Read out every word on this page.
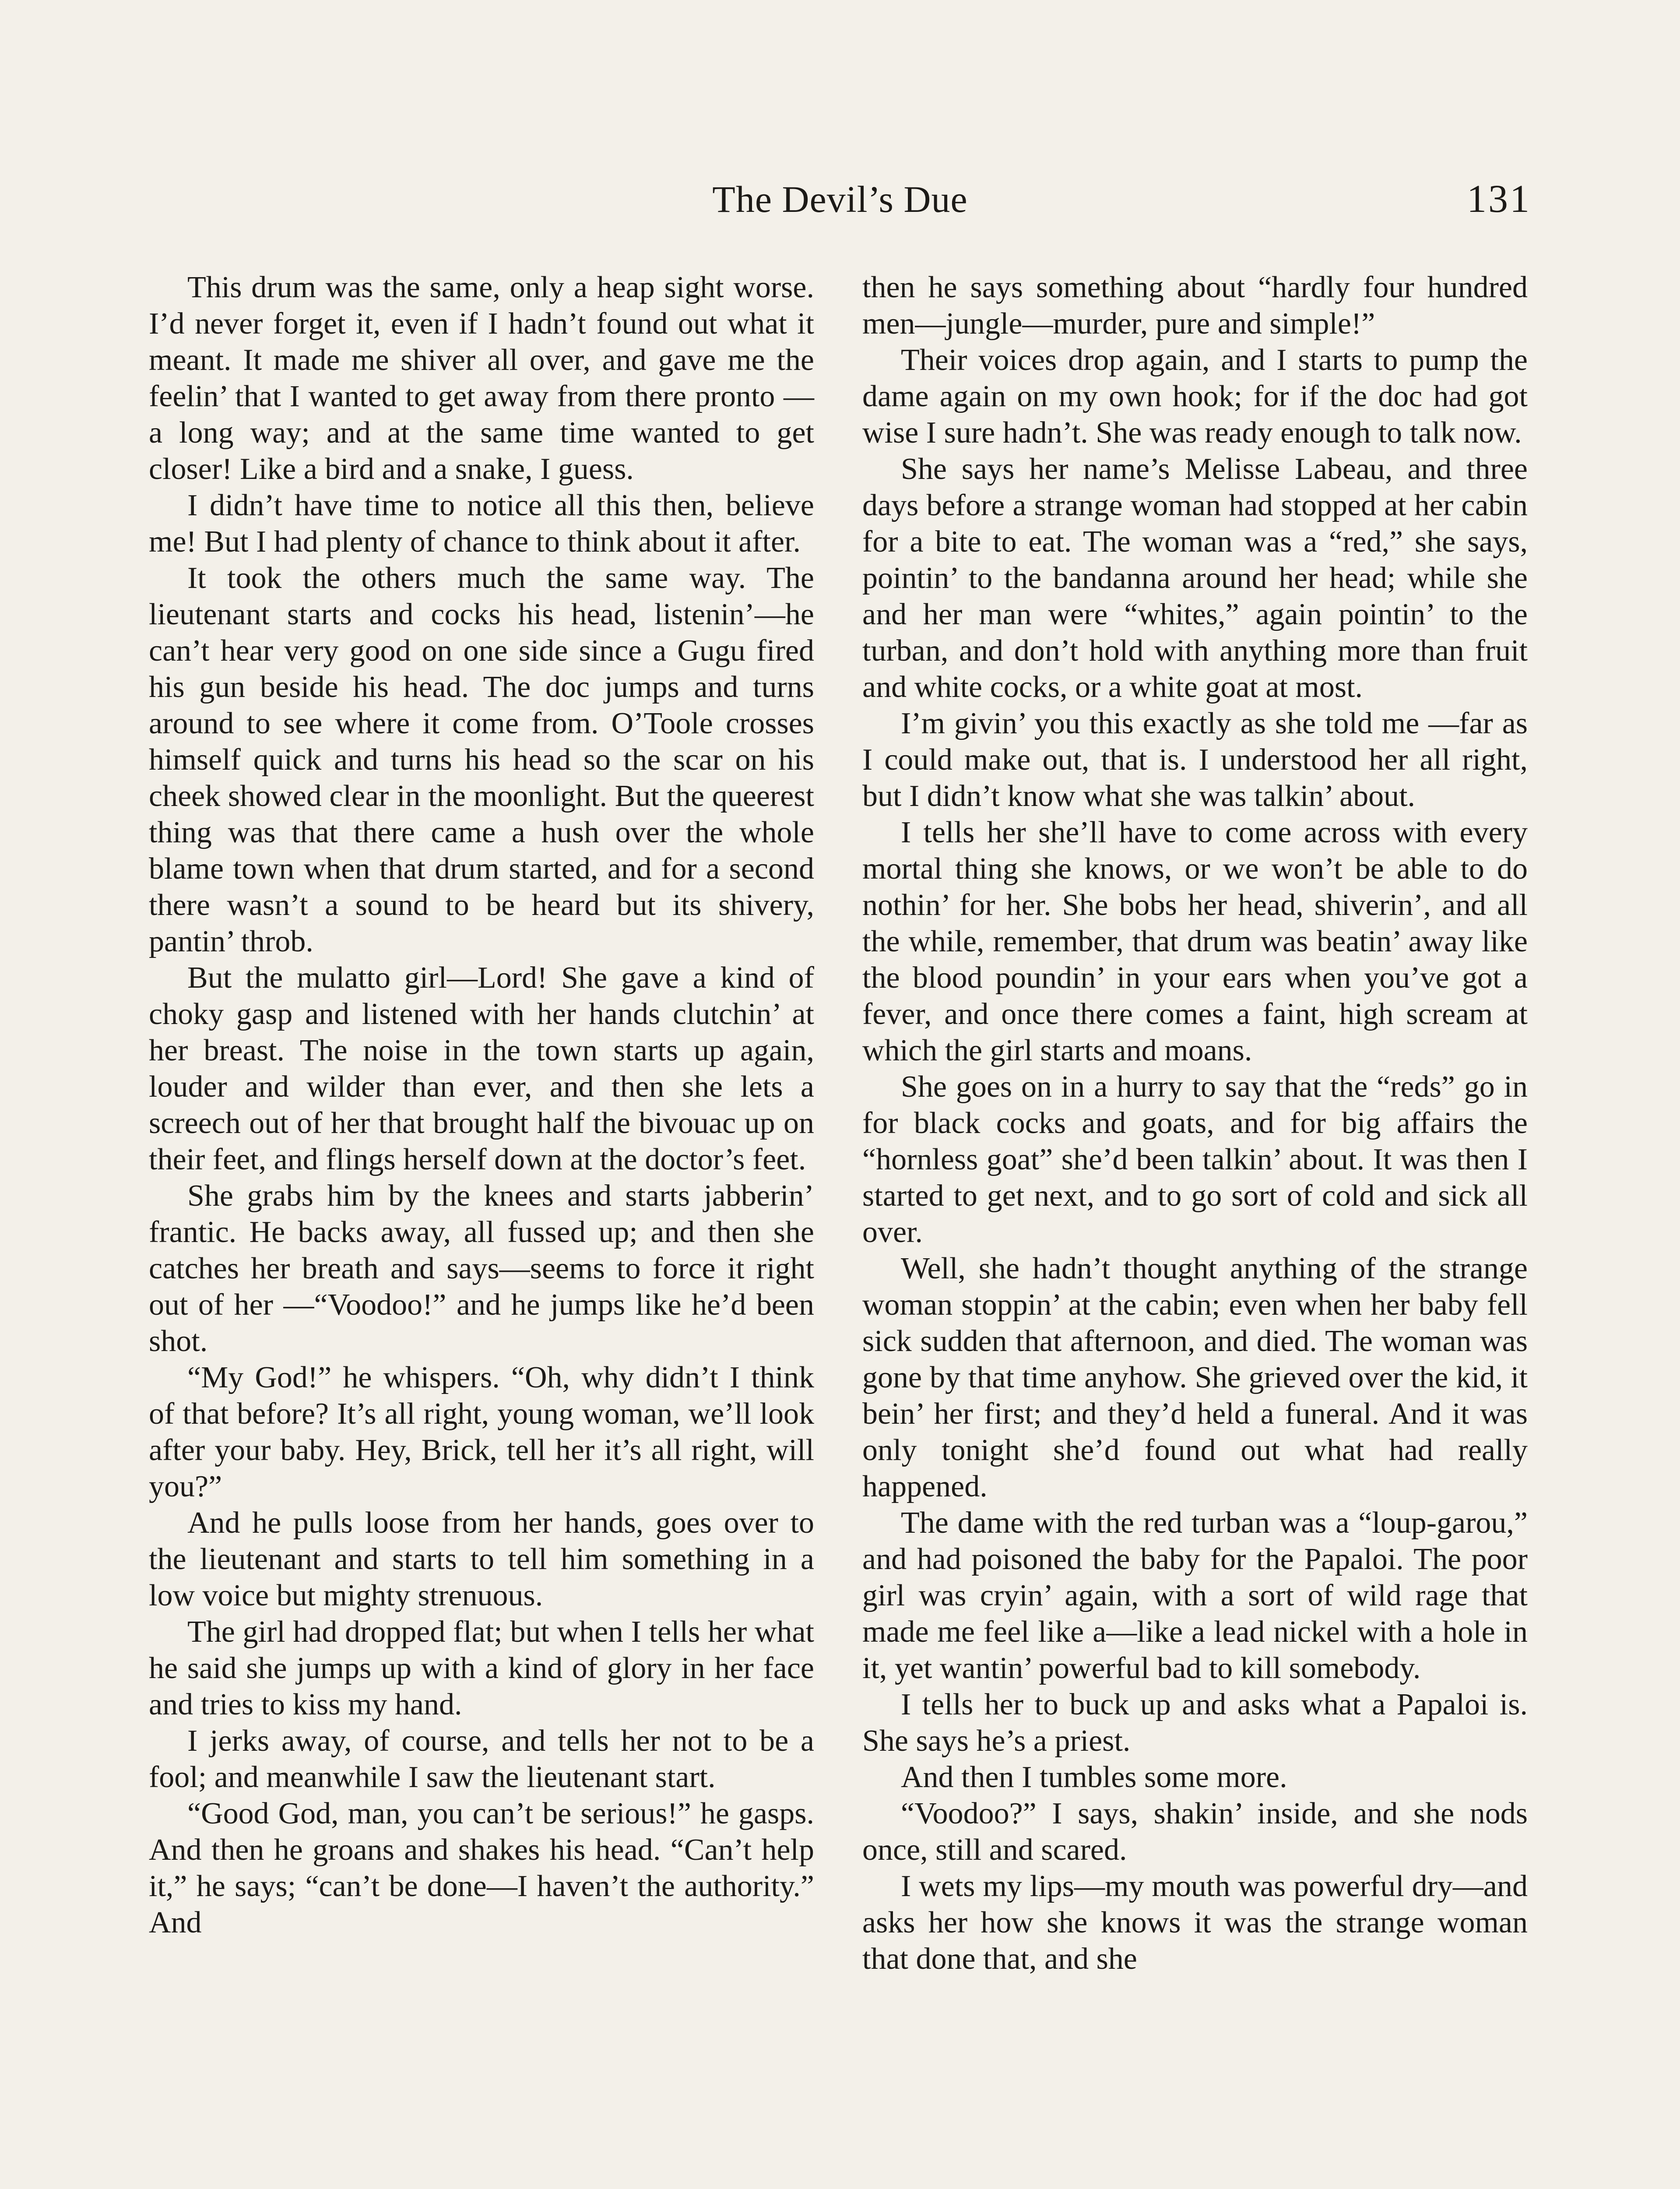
The Devil’s Due	131

This drum was the same, only a heap sight worse. I’d never forget it, even if I hadn’t found out what it meant. It made me shiver all over, and gave me the feelin’ that I wanted to get away from there pronto —a long way; and at the same time wanted to get closer! Like a bird and a snake, I guess.

I didn’t have time to notice all this then, believe me! But I had plenty of chance to think about it after.

It took the others much the same way. The lieutenant starts and cocks his head, listenin’—he can’t hear very good on one side since a Gugu fired his gun beside his head. The doc jumps and turns around to see where it come from. O’Toole crosses himself quick and turns his head so the scar on his cheek showed clear in the moonlight. But the queerest thing was that there came a hush over the whole blame town when that drum started, and for a second there wasn’t a sound to be heard but its shivery, pantin’ throb.

But the mulatto girl—Lord! She gave a kind of choky gasp and listened with her hands clutchin’ at her breast. The noise in the town starts up again, louder and wilder than ever, and then she lets a screech out of her that brought half the bivouac up on their feet, and flings herself down at the doctor’s feet.

She grabs him by the knees and starts jabberin’ frantic. He backs away, all fussed up; and then she catches her breath and says—seems to force it right out of her —“Voodoo!” and he jumps like he’d been shot.

“My God!” he whispers. “Oh, why didn’t I think of that before? It’s all right, young woman, we’ll look after your baby. Hey, Brick, tell her it’s all right, will you?”

And he pulls loose from her hands, goes over to the lieutenant and starts to tell him something in a low voice but mighty strenuous.

The girl had dropped flat; but when I tells her what he said she jumps up with a kind of glory in her face and tries to kiss my hand.

I jerks away, of course, and tells her not to be a fool; and meanwhile I saw the lieutenant start.

“Good God, man, you can’t be serious!” he gasps. And then he groans and shakes his head. “Can’t help it,” he says; “can’t be done—I haven’t the authority.” And

then he says something about “hardly four hundred men—jungle—murder, pure and simple!”

Their voices drop again, and I starts to pump the dame again on my own hook; for if the doc had got wise I sure hadn’t. She was ready enough to talk now.

She says her name’s Melisse Labeau, and three days before a strange woman had stopped at her cabin for a bite to eat. The woman was a “red,” she says, pointin’ to the bandanna around her head; while she and her man were “whites,” again pointin’ to the turban, and don’t hold with anything more than fruit and white cocks, or a white goat at most.

I’m givin’ you this exactly as she told me —far as I could make out, that is. I understood her all right, but I didn’t know what she was talkin’ about.

I tells her she’ll have to come across with every mortal thing she knows, or we won’t be able to do nothin’ for her. She bobs her head, shiverin’, and all the while, remember, that drum was beatin’ away like the blood poundin’ in your ears when you’ve got a fever, and once there comes a faint, high scream at which the girl starts and moans.

She goes on in a hurry to say that the “reds” go in for black cocks and goats, and for big affairs the “hornless goat” she’d been talkin’ about. It was then I started to get next, and to go sort of cold and sick all over.

Well, she hadn’t thought anything of the strange woman stoppin’ at the cabin; even when her baby fell sick sudden that afternoon, and died. The woman was gone by that time anyhow. She grieved over the kid, it bein’ her first; and they’d held a funeral. And it was only tonight she’d found out what had really happened.

The dame with the red turban was a “loup-garou,” and had poisoned the baby for the Papaloi. The poor girl was cryin’ again, with a sort of wild rage that made me feel like a—like a lead nickel with a hole in it, yet wantin’ powerful bad to kill somebody.

I tells her to buck up and asks what a Papaloi is. She says he’s a priest.

And then I tumbles some more.

“Voodoo?” I says, shakin’ inside, and she nods once, still and scared.

I wets my lips—my mouth was powerful dry—and asks her how she knows it was the strange woman that done that, and she
